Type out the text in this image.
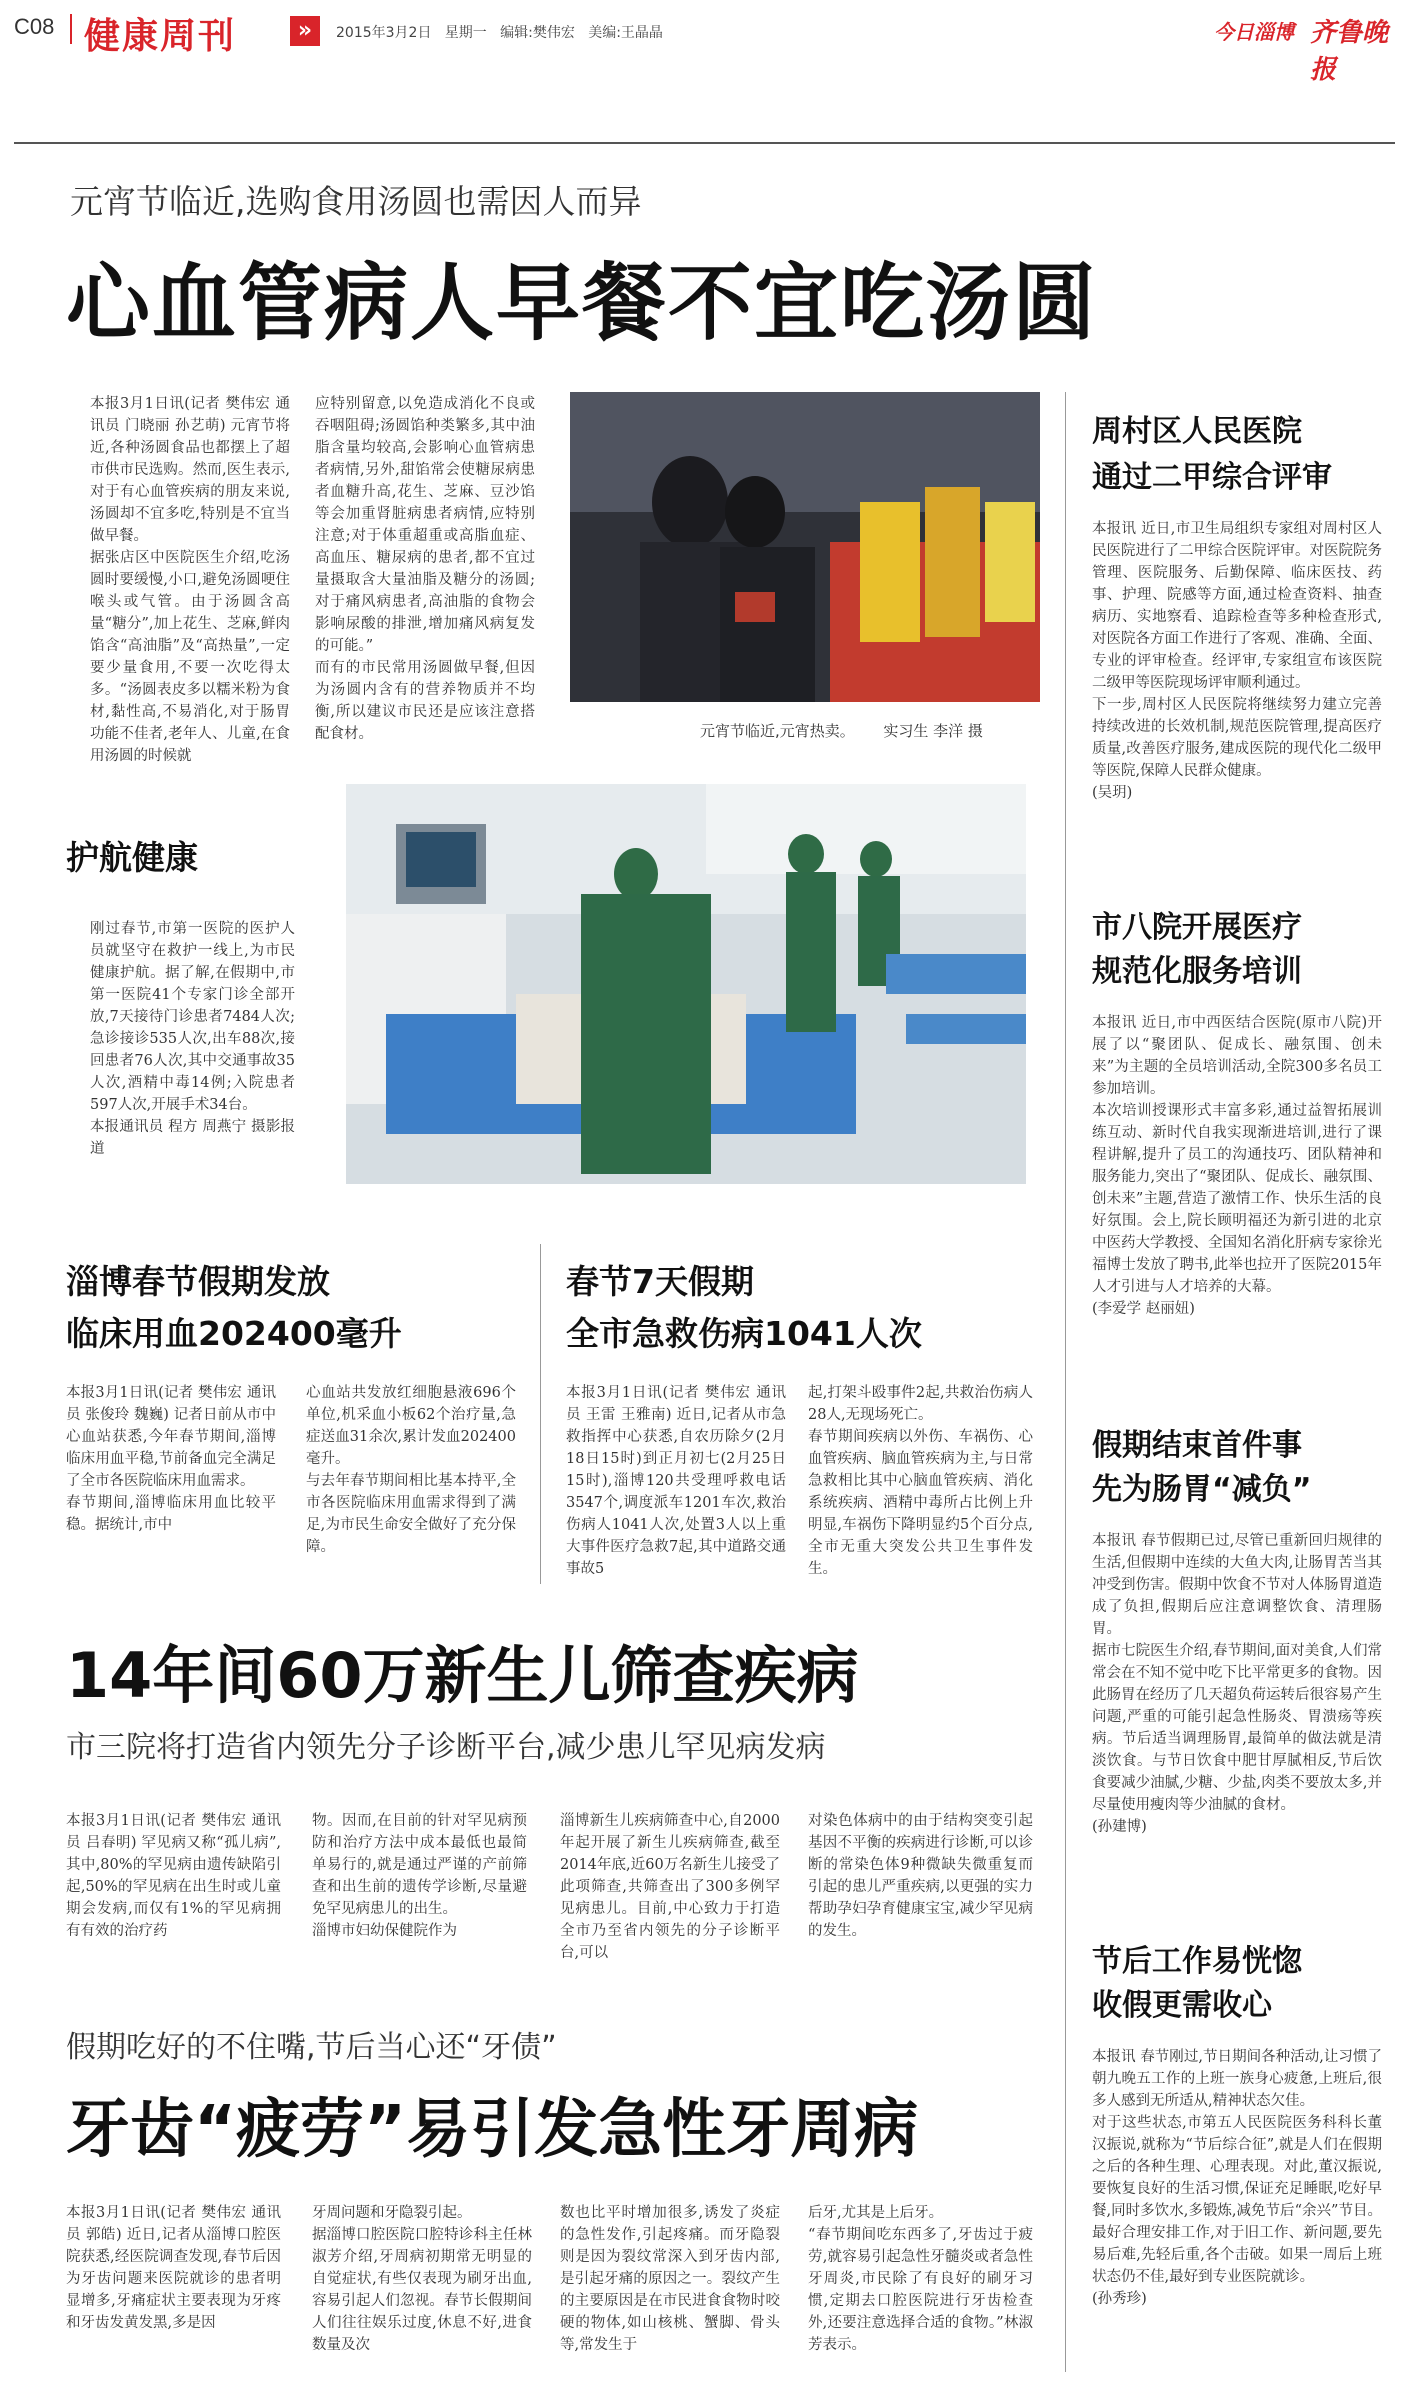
C08 健康周刊	»	2015年3月2日   星期一   编辑:樊伟宏   美编:王晶晶	今日淄博 齐鲁晚报
元宵节临近,选购食用汤圆也需因人而异
心血管病人早餐不宜吃汤圆
本报3月1日讯(记者 樊伟宏 通讯员 门晓丽 孙艺萌) 元宵节将近,各种汤圆食品也都摆上了超市供市民选购。然而,医生表示,对于有心血管疾病的朋友来说,汤圆却不宜多吃,特别是不宜当做早餐。
据张店区中医院医生介绍,吃汤圆时要缓慢,小口,避免汤圆哽住喉头或气管。由于汤圆含高量“糖分”,加上花生、芝麻,鲜肉馅含“高油脂”及“高热量”,一定要少量食用,不要一次吃得太多。“汤圆表皮多以糯米粉为食材,黏性高,不易消化,对于肠胃功能不佳者,老年人、儿童,在食用汤圆的时候就
应特别留意,以免造成消化不良或吞咽阻碍;汤圆馅种类繁多,其中油脂含量均较高,会影响心血管病患者病情,另外,甜馅常会使糖尿病患者血糖升高,花生、芝麻、豆沙馅等会加重肾脏病患者病情,应特别注意;对于体重超重或高脂血症、高血压、糖尿病的患者,都不宜过量摄取含大量油脂及糖分的汤圆;对于痛风病患者,高油脂的食物会影响尿酸的排泄,增加痛风病复发的可能。”
而有的市民常用汤圆做早餐,但因为汤圆内含有的营养物质并不均衡,所以建议市民还是应该注意搭配食材。	元宵节临近,元宵热卖。      实习生 李洋 摄
护航健康
刚过春节,市第一医院的医护人员就坚守在救护一线上,为市民健康护航。据了解,在假期中,市第一医院41个专家门诊全部开放,7天接待门诊患者7484人次;急诊接诊535人次,出车88次,接回患者76人次,其中交通事故35人次,酒精中毒14例;入院患者597人次,开展手术34台。
本报通讯员 程方 周燕宁 摄影报道
淄博春节假期发放
临床用血202400毫升
本报3月1日讯(记者 樊伟宏 通讯员 张俊玲 魏巍) 记者日前从市中心血站获悉,今年春节期间,淄博临床用血平稳,节前备血完全满足了全市各医院临床用血需求。
春节期间,淄博临床用血比较平稳。据统计,市中
心血站共发放红细胞悬液696个单位,机采血小板62个治疗量,急症送血31余次,累计发血202400毫升。
与去年春节期间相比基本持平,全市各医院临床用血需求得到了满足,为市民生命安全做好了充分保障。
春节7天假期
全市急救伤病1041人次
本报3月1日讯(记者 樊伟宏 通讯员 王雷 王雅南) 近日,记者从市急救指挥中心获悉,自农历除夕(2月18日15时)到正月初七(2月25日15时),淄博120共受理呼救电话3547个,调度派车1201车次,救治伤病人1041人次,处置3人以上重大事件医疗急救7起,其中道路交通事故5
起,打架斗殴事件2起,共救治伤病人28人,无现场死亡。
春节期间疾病以外伤、车祸伤、心血管疾病、脑血管疾病为主,与日常急救相比其中心脑血管疾病、消化系统疾病、酒精中毒所占比例上升明显,车祸伤下降明显约5个百分点,全市无重大突发公共卫生事件发生。
14年间60万新生儿筛查疾病
市三院将打造省内领先分子诊断平台,减少患儿罕见病发病
本报3月1日讯(记者 樊伟宏 通讯员 吕春明) 罕见病又称“孤儿病”,其中,80%的罕见病由遗传缺陷引起,50%的罕见病在出生时或儿童期会发病,而仅有1%的罕见病拥有有效的治疗药
物。因而,在目前的针对罕见病预防和治疗方法中成本最低也最简单易行的,就是通过严谨的产前筛查和出生前的遗传学诊断,尽量避免罕见病患儿的出生。
淄博市妇幼保健院作为
淄博新生儿疾病筛查中心,自2000年起开展了新生儿疾病筛查,截至2014年底,近60万名新生儿接受了此项筛查,共筛查出了300多例罕见病患儿。目前,中心致力于打造全市乃至省内领先的分子诊断平台,可以
对染色体病中的由于结构突变引起基因不平衡的疾病进行诊断,可以诊断的常染色体9种微缺失微重复而引起的患儿严重疾病,以更强的实力帮助孕妇孕育健康宝宝,减少罕见病的发生。
假期吃好的不住嘴,节后当心还“牙债”
牙齿“疲劳”易引发急性牙周病
本报3月1日讯(记者 樊伟宏 通讯员 郭皓) 近日,记者从淄博口腔医院获悉,经医院调查发现,春节后因为牙齿问题来医院就诊的患者明显增多,牙痛症状主要表现为牙疼和牙齿发黄发黑,多是因
牙周问题和牙隐裂引起。
据淄博口腔医院口腔特诊科主任林淑芳介绍,牙周病初期常无明显的自觉症状,有些仅表现为刷牙出血,容易引起人们忽视。春节长假期间人们往往娱乐过度,休息不好,进食数量及次
数也比平时增加很多,诱发了炎症的急性发作,引起疼痛。而牙隐裂则是因为裂纹常深入到牙齿内部,是引起牙痛的原因之一。裂纹产生的主要原因是在市民进食食物时咬硬的物体,如山核桃、蟹脚、骨头等,常发生于
后牙,尤其是上后牙。
“春节期间吃东西多了,牙齿过于疲劳,就容易引起急性牙髓炎或者急性牙周炎,市民除了有良好的刷牙习惯,定期去口腔医院进行牙齿检查外,还要注意选择合适的食物。”林淑芳表示。
周村区人民医院
通过二甲综合评审
本报讯 近日,市卫生局组织专家组对周村区人民医院进行了二甲综合医院评审。对医院院务管理、医院服务、后勤保障、临床医技、药事、护理、院感等方面,通过检查资料、抽查病历、实地察看、追踪检查等多种检查形式,对医院各方面工作进行了客观、准确、全面、专业的评审检查。经评审,专家组宣布该医院二级甲等医院现场评审顺利通过。
下一步,周村区人民医院将继续努力建立完善持续改进的长效机制,规范医院管理,提高医疗质量,改善医疗服务,建成医院的现代化二级甲等医院,保障人民群众健康。
(吴玥)
市八院开展医疗
规范化服务培训
本报讯 近日,市中西医结合医院(原市八院)开展了以“聚团队、促成长、融氛围、创未来”为主题的全员培训活动,全院300多名员工参加培训。
本次培训授课形式丰富多彩,通过益智拓展训练互动、新时代自我实现渐进培训,进行了课程讲解,提升了员工的沟通技巧、团队精神和服务能力,突出了“聚团队、促成长、融氛围、创未来”主题,营造了激情工作、快乐生活的良好氛围。会上,院长顾明福还为新引进的北京中医药大学教授、全国知名消化肝病专家徐光福博士发放了聘书,此举也拉开了医院2015年人才引进与人才培养的大幕。
(李爱学 赵丽妞)
假期结束首件事
先为肠胃“减负”
本报讯 春节假期已过,尽管已重新回归规律的生活,但假期中连续的大鱼大肉,让肠胃苦当其冲受到伤害。假期中饮食不节对人体肠胃道造成了负担,假期后应注意调整饮食、清理肠胃。
据市七院医生介绍,春节期间,面对美食,人们常常会在不知不觉中吃下比平常更多的食物。因此肠胃在经历了几天超负荷运转后很容易产生问题,严重的可能引起急性肠炎、胃溃疡等疾病。节后适当调理肠胃,最简单的做法就是清淡饮食。与节日饮食中肥甘厚腻相反,节后饮食要减少油腻,少糖、少盐,肉类不要放太多,并尽量使用瘦肉等少油腻的食材。
(孙建博)
节后工作易恍惚
收假更需收心
本报讯 春节刚过,节日期间各种活动,让习惯了朝九晚五工作的上班一族身心疲惫,上班后,很多人感到无所适从,精神状态欠佳。
对于这些状态,市第五人民医院医务科科长董汉振说,就称为“节后综合征”,就是人们在假期之后的各种生理、心理表现。对此,董汉振说,要恢复良好的生活习惯,保证充足睡眠,吃好早餐,同时多饮水,多锻炼,减免节后“余兴”节目。最好合理安排工作,对于旧工作、新问题,要先易后难,先轻后重,各个击破。如果一周后上班状态仍不佳,最好到专业医院就诊。
(孙秀珍)
